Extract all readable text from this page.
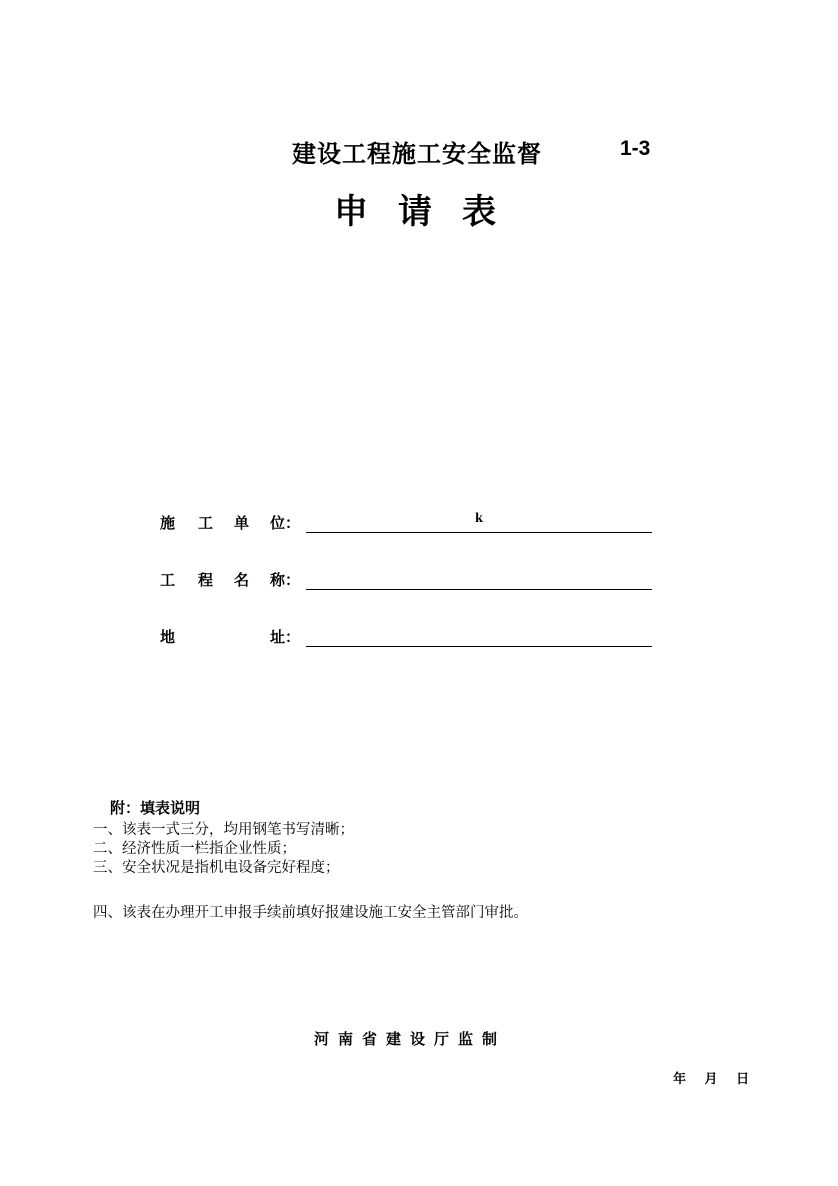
建设工程施工安全监督	1-3
申请表
施 工 单 位：	k
工 程 名 称：
地	址：
附：填表说明
一、该表一式三分，均用钢笔书写清晰；
二、经济性质一栏指企业性质；
三、安全状况是指机电设备完好程度；
四、该表在办理开工申报手续前填好报建设施工安全主管部门审批。
河南省建设厅监制
年 月 日
